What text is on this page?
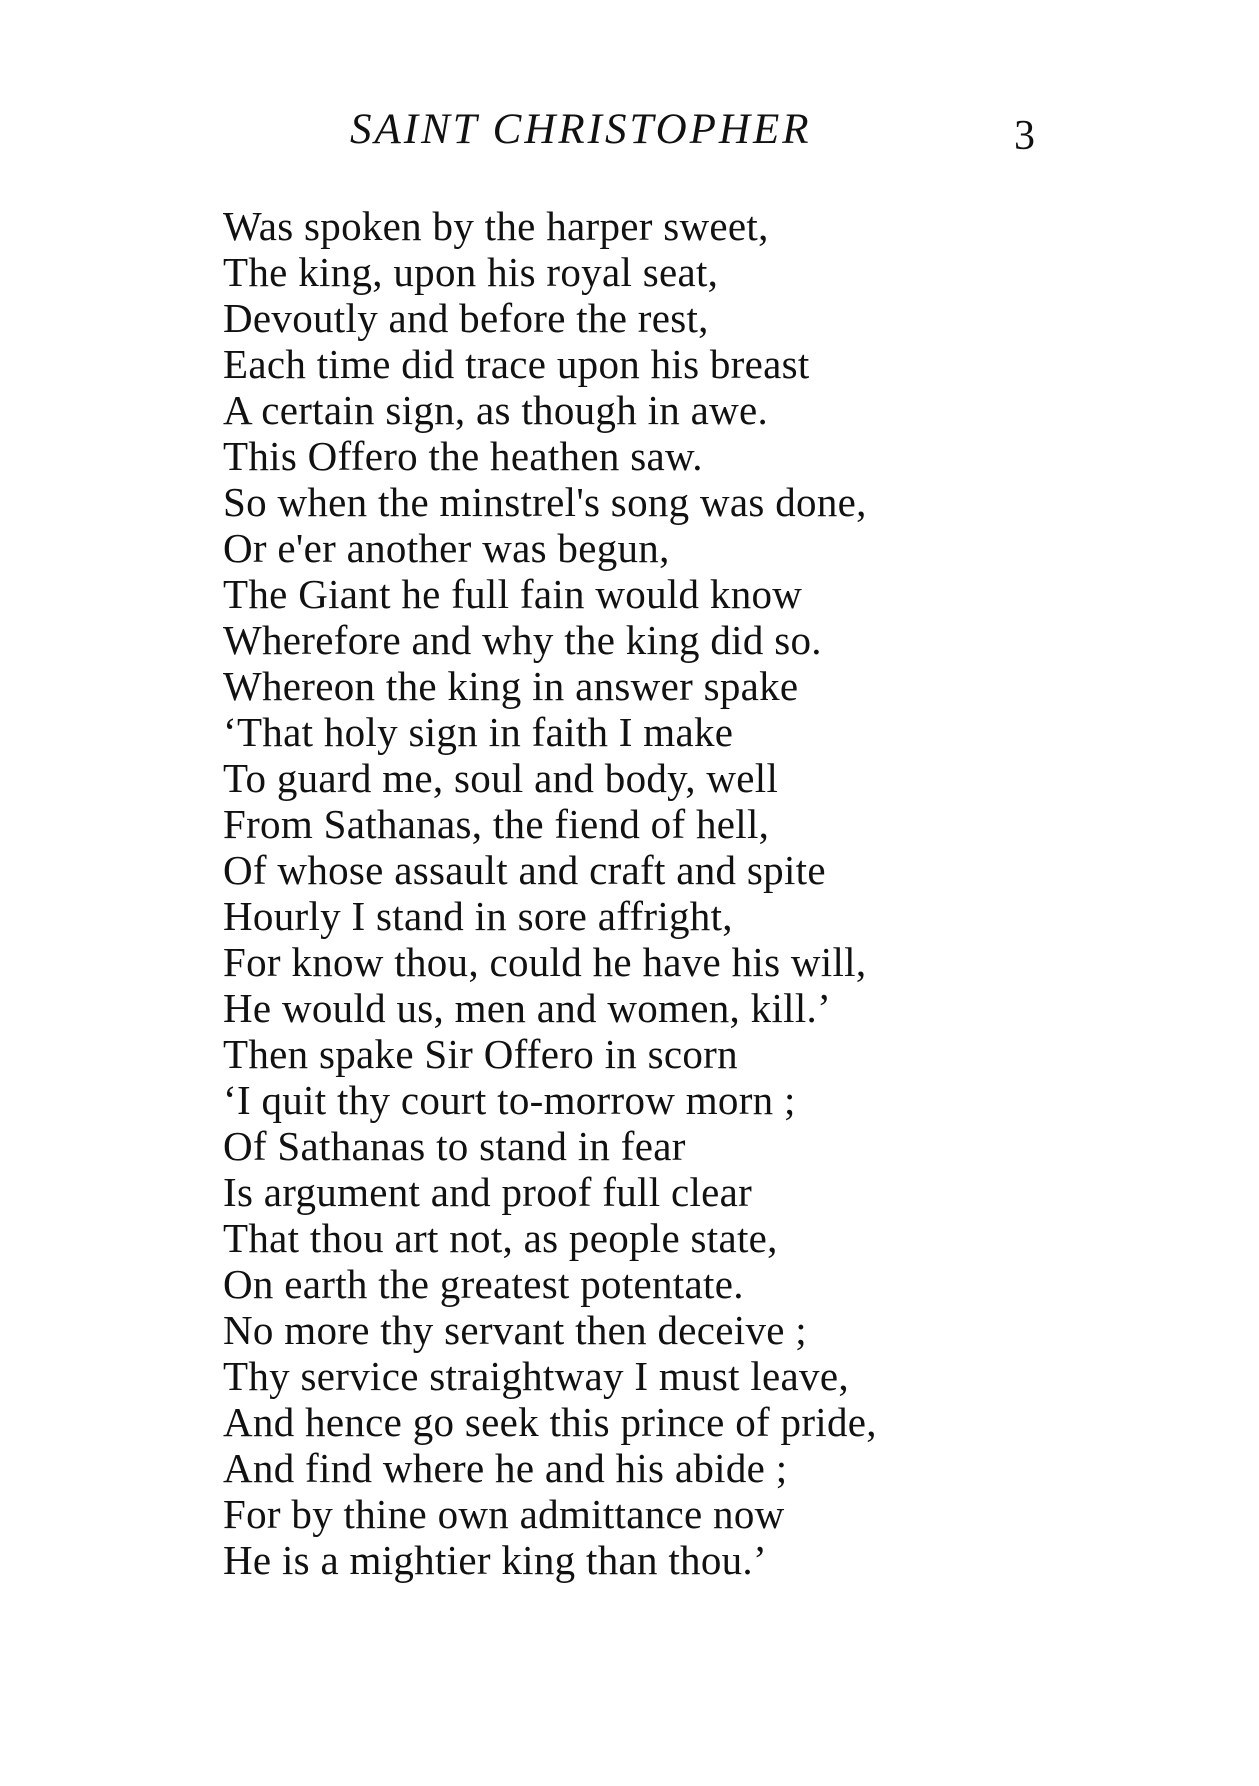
SAINT CHRISTOPHER	3
Was spoken by the harper sweet,
The king, upon his royal seat,
Devoutly and before the rest,
Each time did trace upon his breast
A certain sign, as though in awe.
This Offero the heathen saw.
So when the minstrel's song was done,
Or e'er another was begun,
The Giant he full fain would know
Wherefore and why the king did so.
Whereon the king in answer spake
‘That holy sign in faith I make
To guard me, soul and body, well
From Sathanas, the fiend of hell,
Of whose assault and craft and spite
Hourly I stand in sore affright,
For know thou, could he have his will,
He would us, men and women, kill.’
Then spake Sir Offero in scorn
‘I quit thy court to-morrow morn ;
Of Sathanas to stand in fear
Is argument and proof full clear
That thou art not, as people state,
On earth the greatest potentate.
No more thy servant then deceive ;
Thy service straightway I must leave,
And hence go seek this prince of pride,
And find where he and his abide ;
For by thine own admittance now
He is a mightier king than thou.’
